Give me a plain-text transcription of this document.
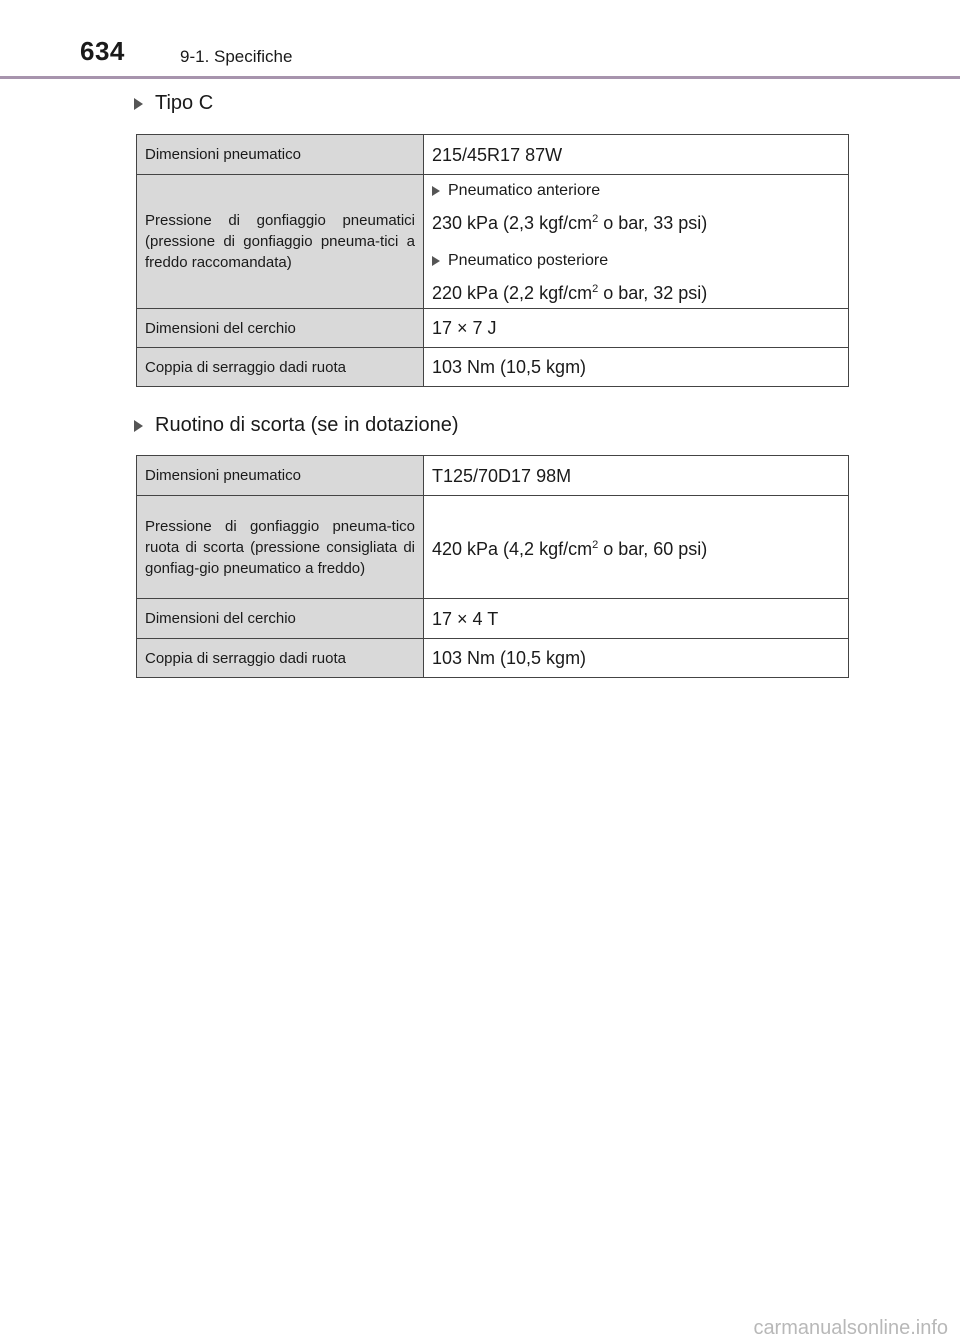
634	9-1. Specifiche
Tipo C
Dimensioni pneumatico	215/45R17 87W
Pressione di gonfiaggio pneumatici (pressione di gonfiaggio pneuma-tici a freddo raccomandata)	Pneumatico anteriore
230 kPa (2,3 kgf/$cm^2$ o bar, 33 psi)
Pneumatico posteriore
220 kPa (2,2 kgf/$cm^2$ o bar, 32 psi)

Dimensioni del cerchio	17 × 7 J
Coppia di serraggio dadi ruota	103 Nm (10,5 kgm)
Ruotino di scorta (se in dotazione)
Dimensioni pneumatico	T125/70D17 98M
Pressione di gonfiaggio pneuma-tico ruota di scorta (pressione consigliata di gonfiag-gio pneumatico a freddo)	420 kPa (4,2 kgf/$cm^2$ o bar, 60 psi)
Dimensioni del cerchio	17 × 4 T
Coppia di serraggio dadi ruota	103 Nm (10,5 kgm)
carmanualsonline.info
